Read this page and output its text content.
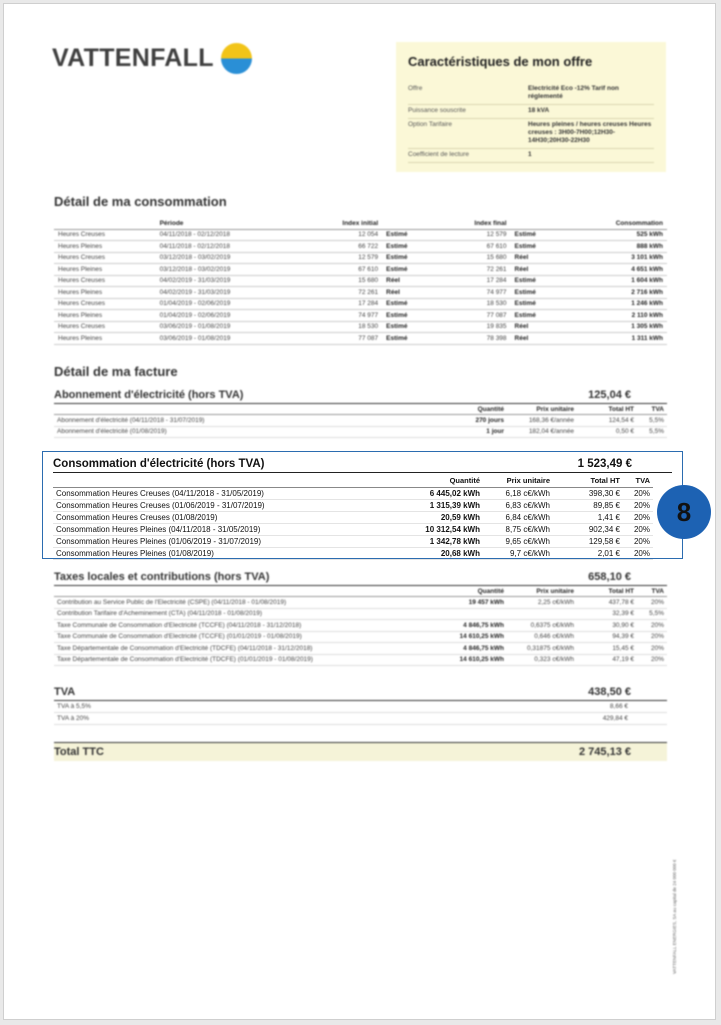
VATTENFALL	Caractéristiques de mon offre
Offre	Electricité Eco -12% Tarif non réglementé
Puissance souscrite	18 kVA
Option Tarifaire	Heures pleines / heures creuses Heures creuses : 3H00-7H00;12H30-14H30;20H30-22H30
Coefficient de lecture	1
Détail de ma consommation
	Période	Index initial		Index final		Consommation
Heures Creuses	04/11/2018 - 02/12/2018	12 054	Estimé	12 579	Estimé	525 kWh
Heures Pleines	04/11/2018 - 02/12/2018	66 722	Estimé	67 610	Estimé	888 kWh
Heures Creuses	03/12/2018 - 03/02/2019	12 579	Estimé	15 680	Réel	3 101 kWh
Heures Pleines	03/12/2018 - 03/02/2019	67 610	Estimé	72 261	Réel	4 651 kWh
Heures Creuses	04/02/2019 - 31/03/2019	15 680	Réel	17 284	Estimé	1 604 kWh
Heures Pleines	04/02/2019 - 31/03/2019	72 261	Réel	74 977	Estimé	2 716 kWh
Heures Creuses	01/04/2019 - 02/06/2019	17 284	Estimé	18 530	Estimé	1 246 kWh
Heures Pleines	01/04/2019 - 02/06/2019	74 977	Estimé	77 087	Estimé	2 110 kWh
Heures Creuses	03/06/2019 - 01/08/2019	18 530	Estimé	19 835	Réel	1 305 kWh
Heures Pleines	03/06/2019 - 01/08/2019	77 087	Estimé	78 398	Réel	1 311 kWh
Détail de ma facture
Abonnement d'électricité (hors TVA)	125,04 €
	Quantité	Prix unitaire	Total HT	TVA
Abonnement d'électricité (04/11/2018 - 31/07/2019)	270 jours	168,36 €/année	124,54 €	5,5%
Abonnement d'électricité (01/08/2019)	1 jour	182,04 €/année	0,50 €	5,5%
Consommation d'électricité (hors TVA)	1 523,49 €
	Quantité	Prix unitaire	Total HT	TVA
Consommation Heures Creuses (04/11/2018 - 31/05/2019)	6 445,02 kWh	6,18 c€/kWh	398,30 €	20%
Consommation Heures Creuses (01/06/2019 - 31/07/2019)	1 315,39 kWh	6,83 c€/kWh	89,85 €	20%
Consommation Heures Creuses (01/08/2019)	20,59 kWh	6,84 c€/kWh	1,41 €	20%
Consommation Heures Pleines (04/11/2018 - 31/05/2019)	10 312,54 kWh	8,75 c€/kWh	902,34 €	20%
Consommation Heures Pleines (01/06/2019 - 31/07/2019)	1 342,78 kWh	9,65 c€/kWh	129,58 €	20%
Consommation Heures Pleines (01/08/2019)	20,68 kWh	9,7 c€/kWh	2,01 €	20%
8
Taxes locales et contributions (hors TVA)	658,10 €
	Quantité	Prix unitaire	Total HT	TVA
Contribution au Service Public de l'Electricité (CSPE) (04/11/2018 - 01/08/2019)	19 457 kWh	2,25 c€/kWh	437,78 €	20%
Contribution Tarifaire d'Acheminement (CTA) (04/11/2018 - 01/08/2019)			32,39 €	5,5%
Taxe Communale de Consommation d'Electricité (TCCFE) (04/11/2018 - 31/12/2018)	4 846,75 kWh	0,6375 c€/kWh	30,90 €	20%
Taxe Communale de Consommation d'Electricité (TCCFE) (01/01/2019 - 01/08/2019)	14 610,25 kWh	0,646 c€/kWh	94,39 €	20%
Taxe Départementale de Consommation d'Electricité (TDCFE) (04/11/2018 - 31/12/2018)	4 846,75 kWh	0,31875 c€/kWh	15,45 €	20%
Taxe Départementale de Consommation d'Electricité (TDCFE) (01/01/2019 - 01/08/2019)	14 610,25 kWh	0,323 c€/kWh	47,19 €	20%
TVA	438,50 €
TVA à 5,5%	8,66 €
TVA à 20%	429,84 €
Total TTC	2 745,13 €
VATTENFALL ENERGIES, SA au capital de 24 000 000 €
